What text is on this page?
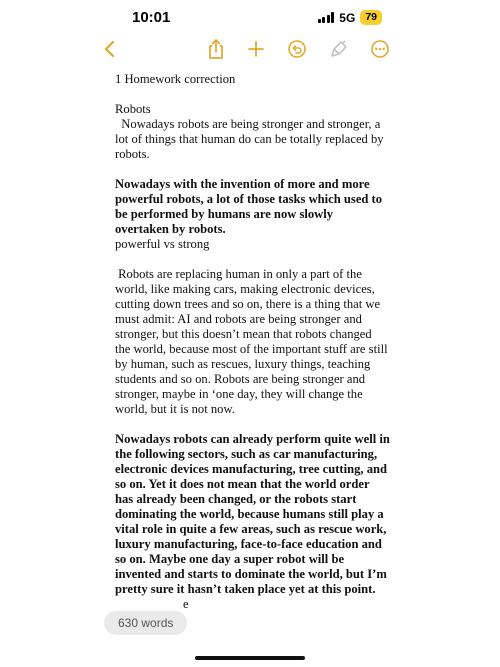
10:01	5G 79

1 Homework correction

Robots

Nowadays robots are being stronger and stronger, a lot of things that human do can be totally replaced by robots.

Nowadays with the invention of more and more powerful robots, a lot of those tasks which used to be performed by humans are now slowly overtaken by robots.

powerful vs strong

Robots are replacing human in only a part of the world, like making cars, making electronic devices, cutting down trees and so on, there is a thing that we must admit: AI and robots are being stronger and stronger, but this doesn’t mean that robots changed the world, because most of the important stuff are still by human, such as rescues, luxury things, teaching students and so on. Robots are being stronger and stronger, maybe in ‘one day, they will change the world, but it is not now.

Nowadays robots can already perform quite well in the following sectors, such as car manufacturing, electronic devices manufacturing, tree cutting, and so on. Yet it does not mean that the world order has already been changed, or the robots start dominating the world, because humans still play a vital role in quite a few areas, such as rescue work, luxury manufacturing, face-to-face education and so on. Maybe one day a super robot will be invented and starts to dominate the world, but I’m pretty sure it hasn’t taken place yet at this point.

e

630 words
